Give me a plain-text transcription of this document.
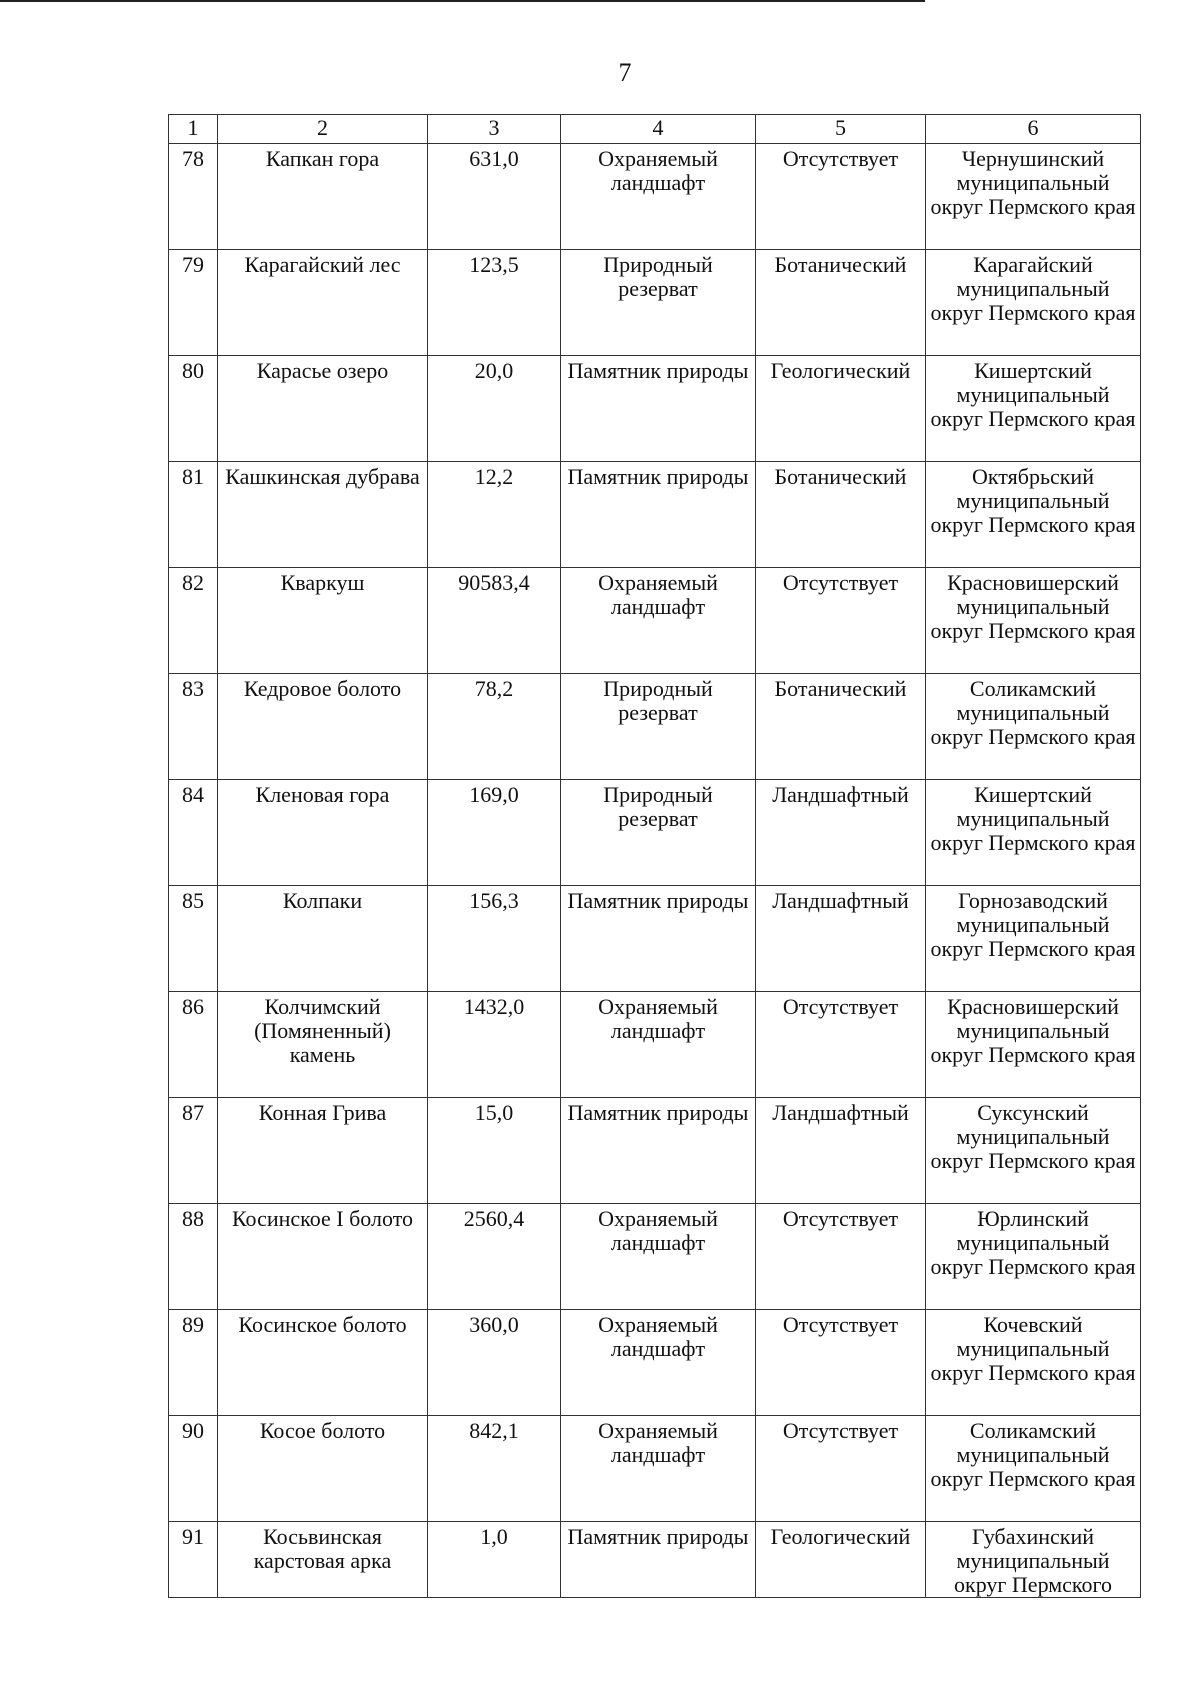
7
1	2	3	4	5	6
78	Капкан гора	631,0	Охраняемый ландшафт	Отсутствует	Чернушинский муниципальный округ Пермского края
79	Карагайский лес	123,5	Природный резерват	Ботанический	Карагайский муниципальный округ Пермского края
80	Карасье озеро	20,0	Памятник природы	Геологический	Кишертский муниципальный округ Пермского края
81	Кашкинская дубрава	12,2	Памятник природы	Ботанический	Октябрьский муниципальный округ Пермского края
82	Кваркуш	90583,4	Охраняемый ландшафт	Отсутствует	Красновишерский муниципальный округ Пермского края
83	Кедровое болото	78,2	Природный резерват	Ботанический	Соликамский муниципальный округ Пермского края
84	Кленовая гора	169,0	Природный резерват	Ландшафтный	Кишертский муниципальный округ Пермского края
85	Колпаки	156,3	Памятник природы	Ландшафтный	Горнозаводский муниципальный округ Пермского края
86	Колчимский (Помяненный) камень	1432,0	Охраняемый ландшафт	Отсутствует	Красновишерский муниципальный округ Пермского края
87	Конная Грива	15,0	Памятник природы	Ландшафтный	Суксунский муниципальный округ Пермского края
88	Косинское I болото	2560,4	Охраняемый ландшафт	Отсутствует	Юрлинский муниципальный округ Пермского края
89	Косинское болото	360,0	Охраняемый ландшафт	Отсутствует	Кочевский муниципальный округ Пермского края
90	Косое болото	842,1	Охраняемый ландшафт	Отсутствует	Соликамский муниципальный округ Пермского края
91	Косьвинская карстовая арка	1,0	Памятник природы	Геологический	Губахинский муниципальный округ Пермского
